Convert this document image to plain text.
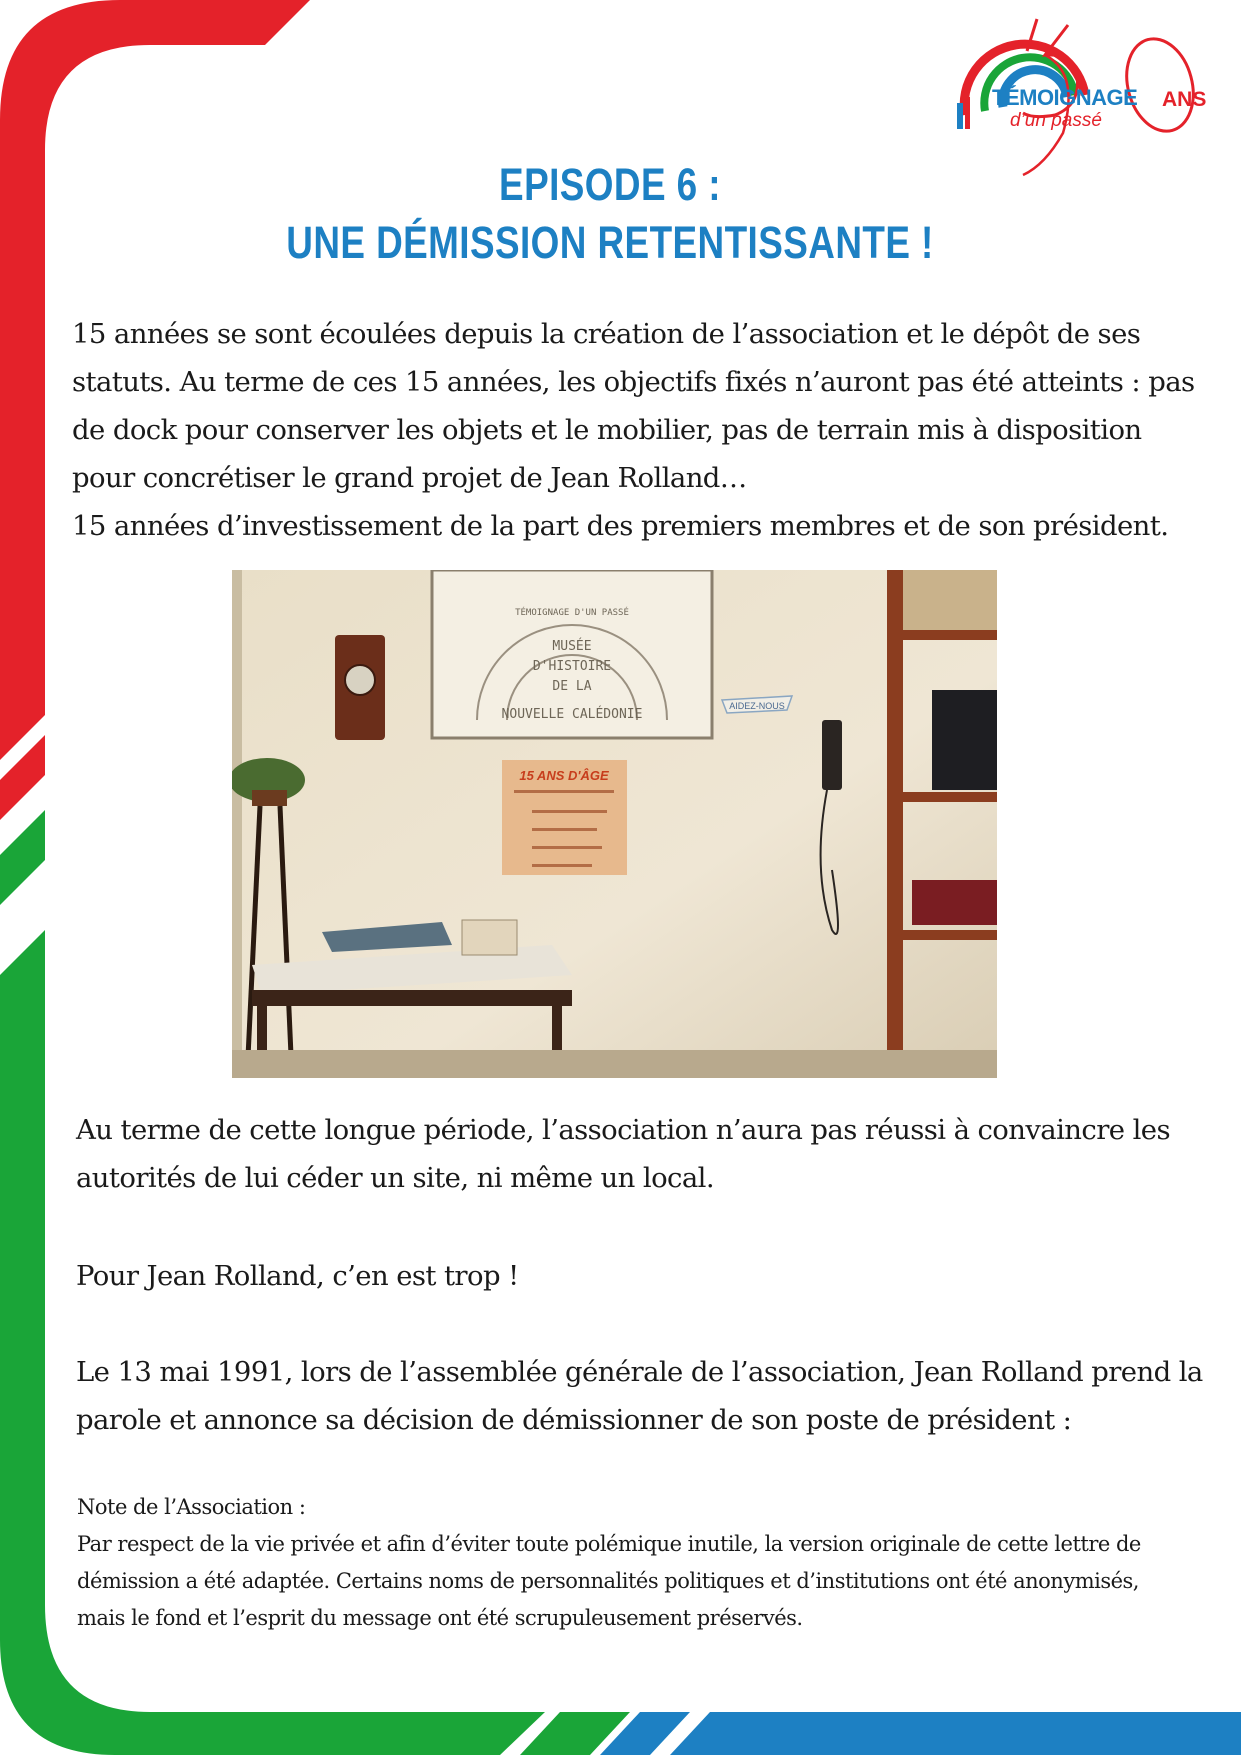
TÉMOIGNAGE
d’un passé
ANS
EPISODE 6 :
UNE DÉMISSION RETENTISSANTE !
15 années se sont écoulées depuis la création de l’association et le dépôt de ses
statuts. Au terme de ces 15 années, les objectifs fixés n’auront pas été atteints : pas
de dock pour conserver les objets et le mobilier, pas de terrain mis à disposition
pour concrétiser le grand projet de Jean Rolland…
15 années d’investissement de la part des premiers membres et de son président.
TÉMOIGNAGE D'UN PASSÉ
MUSÉE
D'HISTOIRE
DE LA
NOUVELLE CALÉDONIE
15 ANS D'ÂGE
AIDEZ-NOUS
Au terme de cette longue période, l’association n’aura pas réussi à convaincre les
autorités de lui céder un site, ni même un local.
Pour Jean Rolland, c’en est trop !
Le 13 mai 1991, lors de l’assemblée générale de l’association, Jean Rolland prend la
parole et annonce sa décision de démissionner de son poste de président :
Note de l’Association :
Par respect de la vie privée et afin d’éviter toute polémique inutile, la version originale de cette lettre de
démission a été adaptée. Certains noms de personnalités politiques et d’institutions ont été anonymisés,
mais le fond et l’esprit du message ont été scrupuleusement préservés.
